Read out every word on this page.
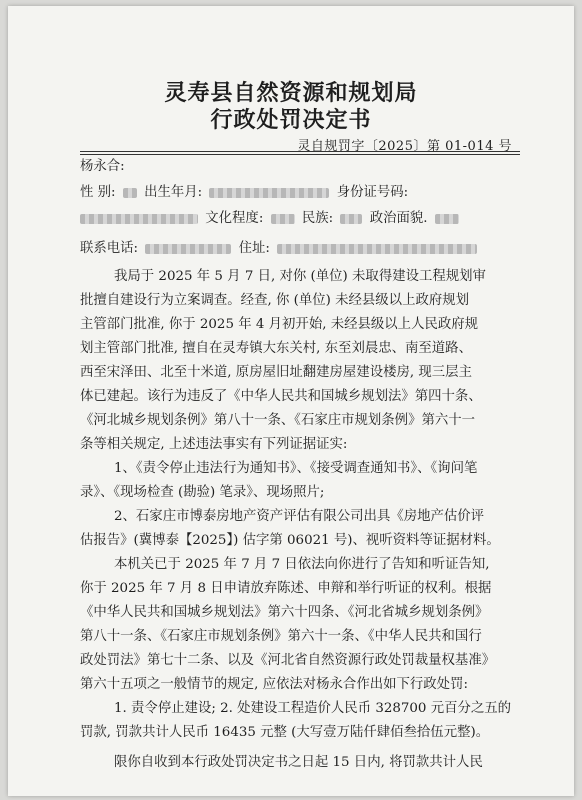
灵寿县自然资源和规划局
行政处罚决定书
灵自规罚字〔2025〕第 01-014 号
杨永合:
性 别: 出生年月:	身份证号码:
文化程度:	民族:	政治面貌.
联系电话:	住址:
我局于 2025 年 5 月 7 日, 对你 (单位) 未取得建设工程规划审
批擅自建设行为立案调查。经查, 你 (单位) 未经县级以上政府规划
主管部门批准, 你于 2025 年 4 月初开始, 未经县级以上人民政府规
划主管部门批准, 擅自在灵寿镇大东关村, 东至刘晨忠、南至道路、
西至宋泽田、北至十米道, 原房屋旧址翻建房屋建设楼房, 现三层主
体已建起。该行为违反了《中华人民共和国城乡规划法》第四十条、
《河北城乡规划条例》第八十一条、《石家庄市规划条例》第六十一
条等相关规定, 上述违法事实有下列证据证实:
1、《责令停止违法行为通知书》、《接受调查通知书》、《询问笔
录》、《现场检查 (勘验) 笔录》、现场照片;
2、石家庄市博泰房地产资产评估有限公司出具《房地产估价评
估报告》(冀博泰【2025】) 估字第 06021 号)、视听资料等证据材料。
本机关已于 2025 年 7 月 7 日依法向你进行了告知和听证告知,
你于 2025 年 7 月 8 日申请放弃陈述、申辩和举行听证的权利。根据
《中华人民共和国城乡规划法》第六十四条、《河北省城乡规划条例》
第八十一条、《石家庄市规划条例》第六十一条、《中华人民共和国行
政处罚法》第七十二条、以及《河北省自然资源行政处罚裁量权基准》
第六十五项之一般情节的规定, 应依法对杨永合作出如下行政处罚:
1. 责令停止建设; 2. 处建设工程造价人民币 328700 元百分之五的
罚款, 罚款共计人民币 16435 元整 (大写壹万陆仟肆佰叁拾伍元整)。
限你自收到本行政处罚决定书之日起 15 日内, 将罚款共计人民
